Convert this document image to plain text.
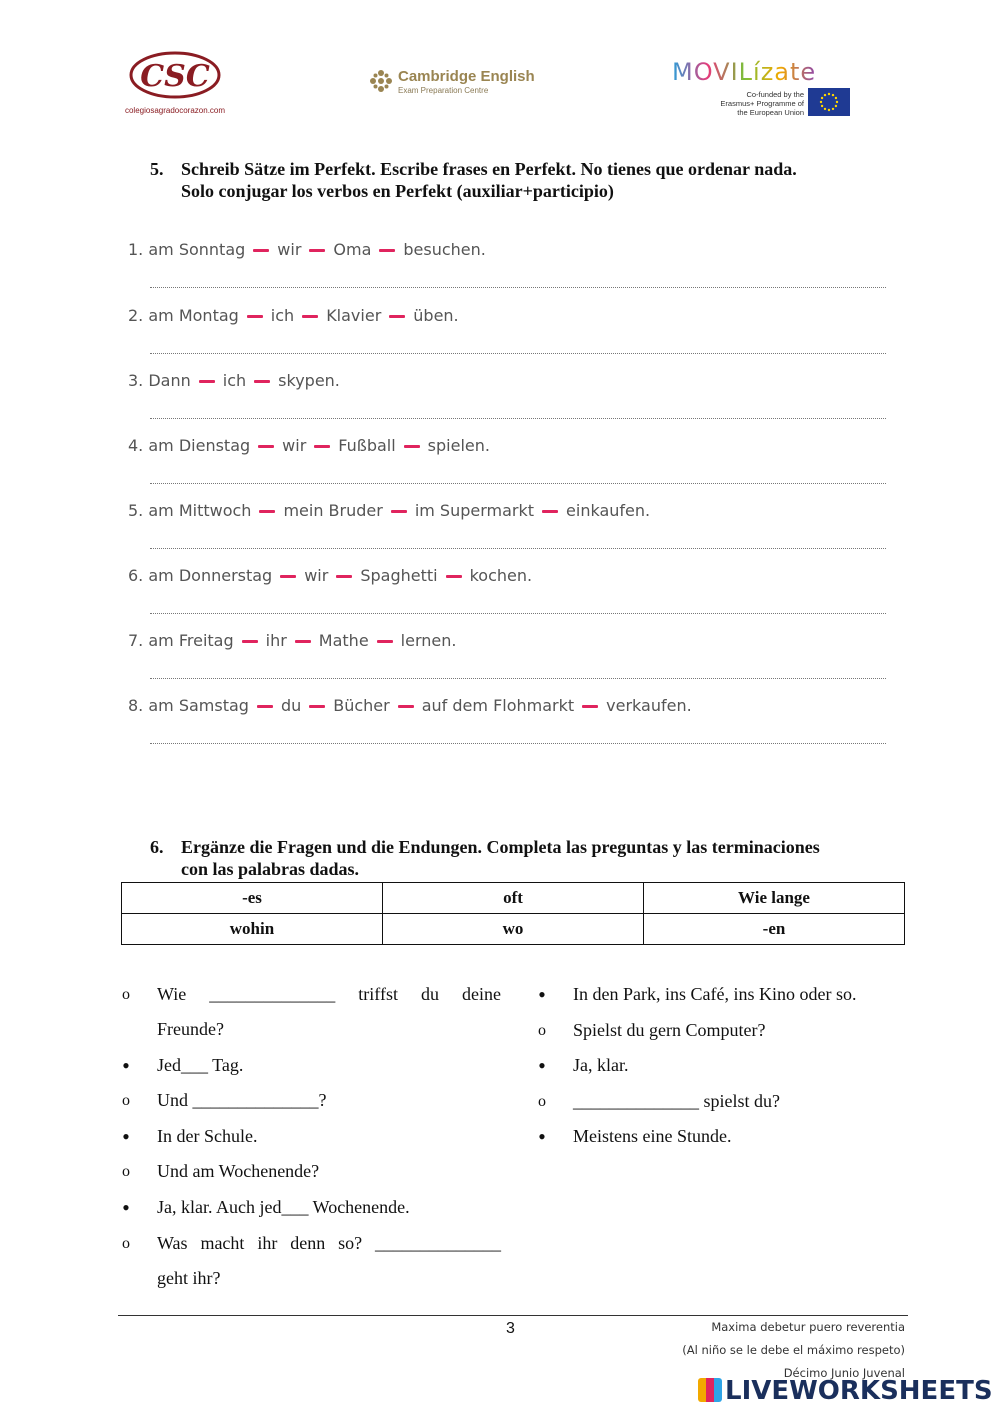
CSC
colegiosagradocorazon.com
Cambridge English
Exam Preparation Centre
MOVILízate
Co-funded by the Erasmus+ Programme of the European Union
5. Schreib Sätze im Perfekt. Escribe frases en Perfekt. No tienes que ordenar nada.
Solo conjugar los verbos en Perfekt (auxiliar+participio)
1. am Sonntag wir Oma besuchen.
2. am Montag ich Klavier üben.
3. Dann ich skypen.
4. am Dienstag wir Fußball spielen.
5. am Mittwoch mein Bruder im Supermarkt einkaufen.
6. am Donnerstag wir Spaghetti kochen.
7. am Freitag ihr Mathe lernen.
8. am Samstag du Bücher auf dem Flohmarkt verkaufen.
6. Ergänze die Fragen und die Endungen. Completa las preguntas y las terminaciones
con las palabras dadas.
-es	oft	Wie lange
wohin	wo	-en
o	Wie ______________ triffst du deine
Freunde?
•	Jed___ Tag.
o	Und ______________?
•	In der Schule.
o	Und am Wochenende?
•	Ja, klar. Auch jed___ Wochenende.
o	Was macht ihr denn so? ______________
geht ihr?
•	In den Park, ins Café, ins Kino oder so.
o	Spielst du gern Computer?
•	Ja, klar.
o	______________ spielst du?
•	Meistens eine Stunde.
3	Maxima debetur puero reverentia
(Al niño se le debe el máximo respeto)
Décimo Junio Juvenal
LIVEWORKSHEETS
